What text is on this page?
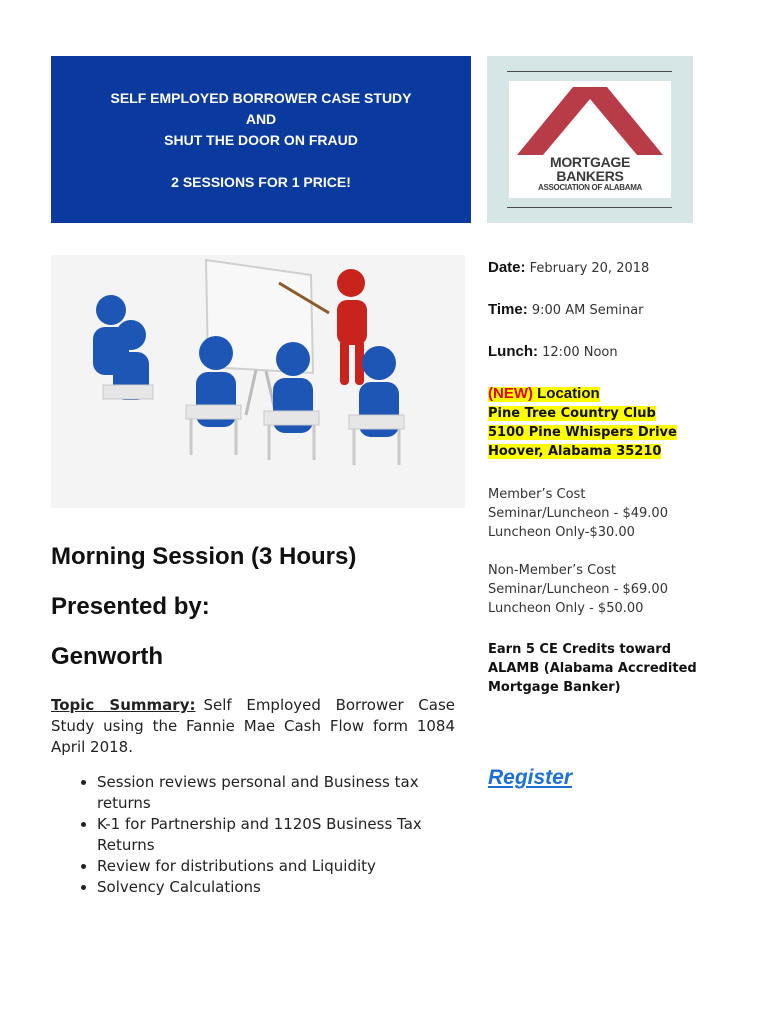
SELF EMPLOYED BORROWER CASE STUDY
AND
SHUT THE DOOR ON FRAUD
2 SESSIONS FOR 1 PRICE!
MORTGAGE
BANKERS
ASSOCIATION OF ALABAMA
Morning Session (3 Hours)
Presented by:
Genworth
Topic Summary: Self Employed Borrower Case Study using the Fannie Mae Cash Flow form 1084 April 2018.
• Session reviews personal and Business tax returns
• K-1 for Partnership and 1120S Business Tax Returns
• Review for distributions and Liquidity
• Solvency Calculations
Date: February 20, 2018
Time: 9:00 AM Seminar
Lunch: 12:00 Noon
(NEW) Location
Pine Tree Country Club
5100 Pine Whispers Drive
Hoover, Alabama 35210
Member’s Cost
Seminar/Luncheon - $49.00
Luncheon Only-$30.00
Non-Member’s Cost
Seminar/Luncheon - $69.00
Luncheon Only - $50.00
Earn 5 CE Credits toward ALAMB (Alabama Accredited Mortgage Banker)
Register
